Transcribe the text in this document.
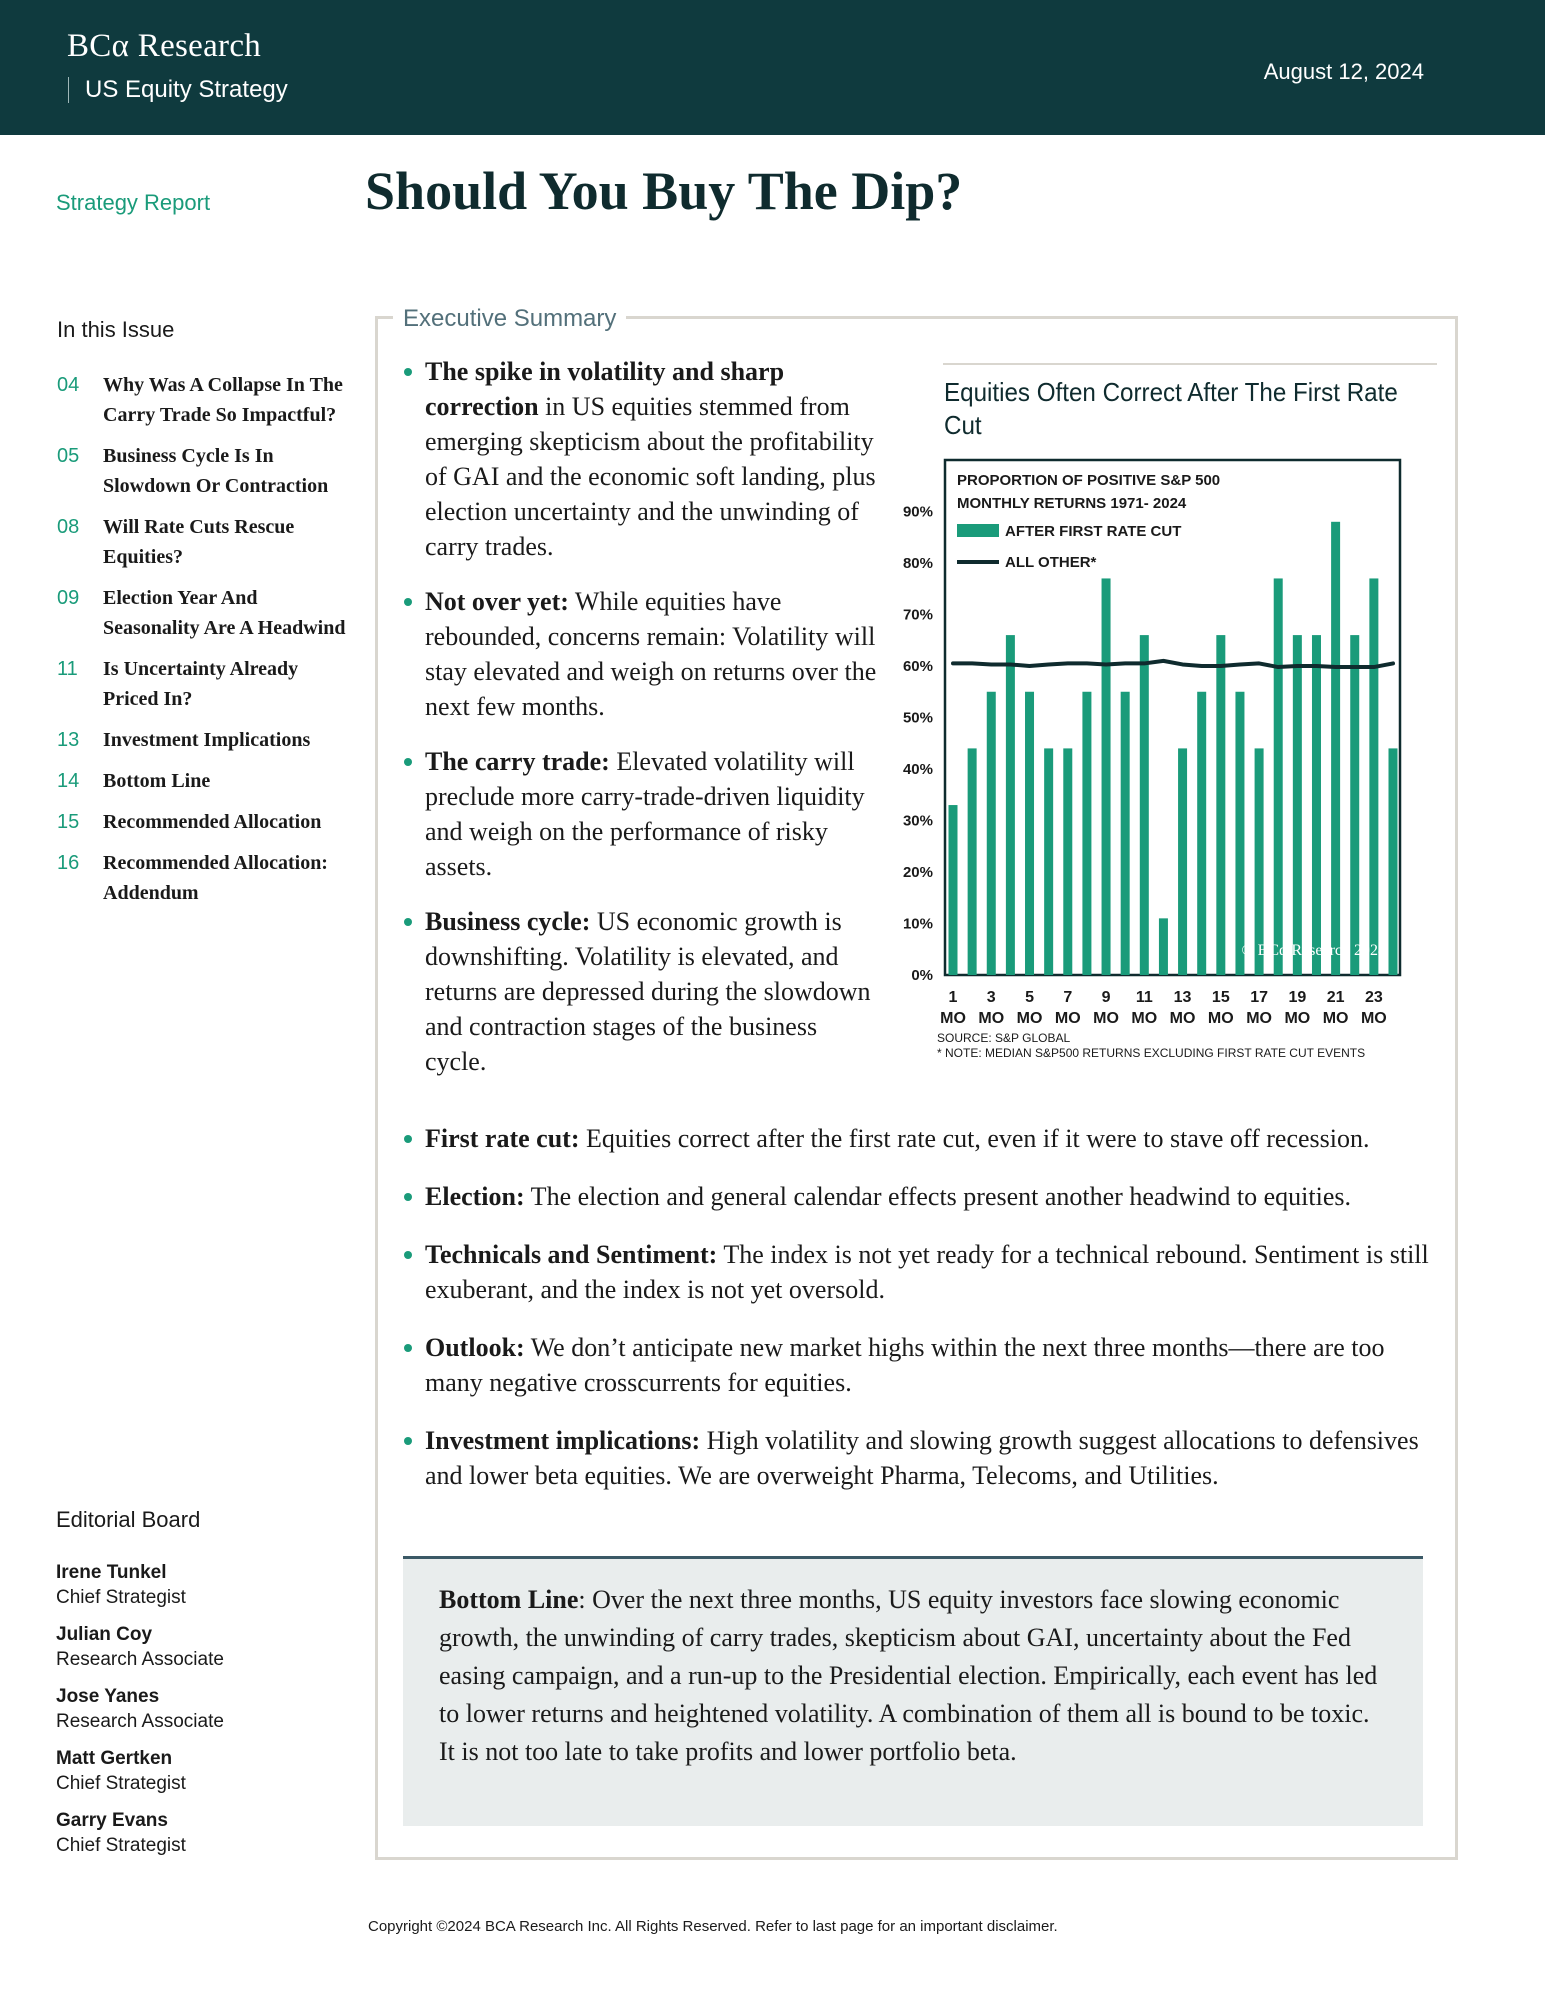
BCα Research
US Equity Strategy
August 12, 2024
Strategy Report	Should You Buy The Dip?
In this Issue
04	Why Was A Collapse In The Carry Trade So Impactful?
05	Business Cycle Is In Slowdown Or Contraction
08	Will Rate Cuts Rescue Equities?
09	Election Year And Seasonality Are A Headwind
11	Is Uncertainty Already Priced In?
13	Investment Implications
14	Bottom Line
15	Recommended Allocation
16	Recommended Allocation: Addendum
Editorial Board
Irene Tunkel
Chief Strategist
Julian Coy
Research Associate
Jose Yanes
Research Associate
Matt Gertken
Chief Strategist
Garry Evans
Chief Strategist
Executive Summary
The spike in volatility and sharp correction in US equities stemmed from emerging skepticism about the profitability of GAI and the economic soft landing, plus election uncertainty and the unwinding of carry trades.
Not over yet: While equities have rebounded, concerns remain: Volatility will stay elevated and weigh on returns over the next few months.
The carry trade: Elevated volatility will preclude more carry-trade-driven liquidity and weigh on the performance of risky assets.
Business cycle: US economic growth is downshifting. Volatility is elevated, and returns are depressed during the slowdown and contraction stages of the business cycle.
Equities Often Correct After The First Rate Cut
0%
10%
20%
30%
40%
50%
60%
70%
80%
90%
PROPORTION OF POSITIVE S&P 500
MONTHLY RETURNS 1971- 2024
AFTER FIRST RATE CUT
ALL OTHER*
© BCα Research 2024
1
MO
3
MO
5
MO
7
MO
9
MO
11
MO
13
MO
15
MO
17
MO
19
MO
21
MO
23
MO
SOURCE: S&P GLOBAL
* NOTE: MEDIAN S&P500 RETURNS EXCLUDING FIRST RATE CUT EVENTS
First rate cut: Equities correct after the first rate cut, even if it were to stave off recession.
Election: The election and general calendar effects present another headwind to equities.
Technicals and Sentiment: The index is not yet ready for a technical rebound. Sentiment is still exuberant, and the index is not yet oversold.
Outlook: We don’t anticipate new market highs within the next three months—there are too many negative crosscurrents for equities.
Investment implications: High volatility and slowing growth suggest allocations to defensives and lower beta equities. We are overweight Pharma, Telecoms, and Utilities.

Bottom Line: Over the next three months, US equity investors face slowing economic growth, the unwinding of carry trades, skepticism about GAI, uncertainty about the Fed easing campaign, and a run-up to the Presidential election. Empirically, each event has led to lower returns and heightened volatility. A combination of them all is bound to be toxic. It is not too late to take profits and lower portfolio beta.

Copyright ©2024 BCA Research Inc. All Rights Reserved. Refer to last page for an important disclaimer.
